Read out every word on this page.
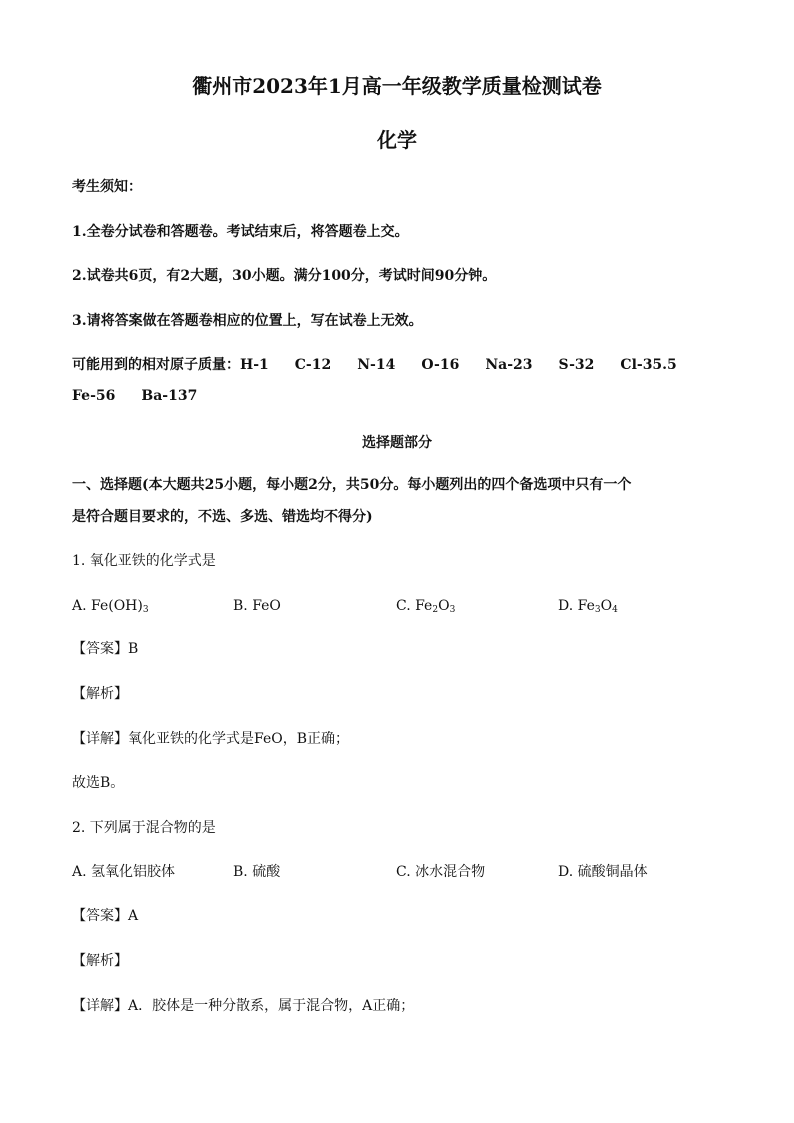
衢州市2023年1月高一年级教学质量检测试卷
化学
考生须知：
1.全卷分试卷和答题卷。考试结束后，将答题卷上交。
2.试卷共6页，有2大题，30小题。满分100分，考试时间90分钟。
3.请将答案做在答题卷相应的位置上，写在试卷上无效。
可能用到的相对原子质量：H-1 C-12 N-14 O-16 Na-23 S-32 Cl-35.5
Fe-56 Ba-137
选择题部分
一、选择题(本大题共25小题，每小题2分，共50分。每小题列出的四个备选项中只有一个
是符合题目要求的，不选、多选、错选均不得分)
1. 氧化亚铁的化学式是
A. $Fe(OH)_3$	B. FeO	C. $Fe_2O_3$	D. $Fe_3O_4$
【答案】B
【解析】
【详解】氧化亚铁的化学式是FeO，B正确；
故选B。
2. 下列属于混合物的是
A. 氢氧化铝胶体	B. 硫酸	C. 冰水混合物	D. 硫酸铜晶体
【答案】A
【解析】
【详解】A．胶体是一种分散系，属于混合物，A正确；
